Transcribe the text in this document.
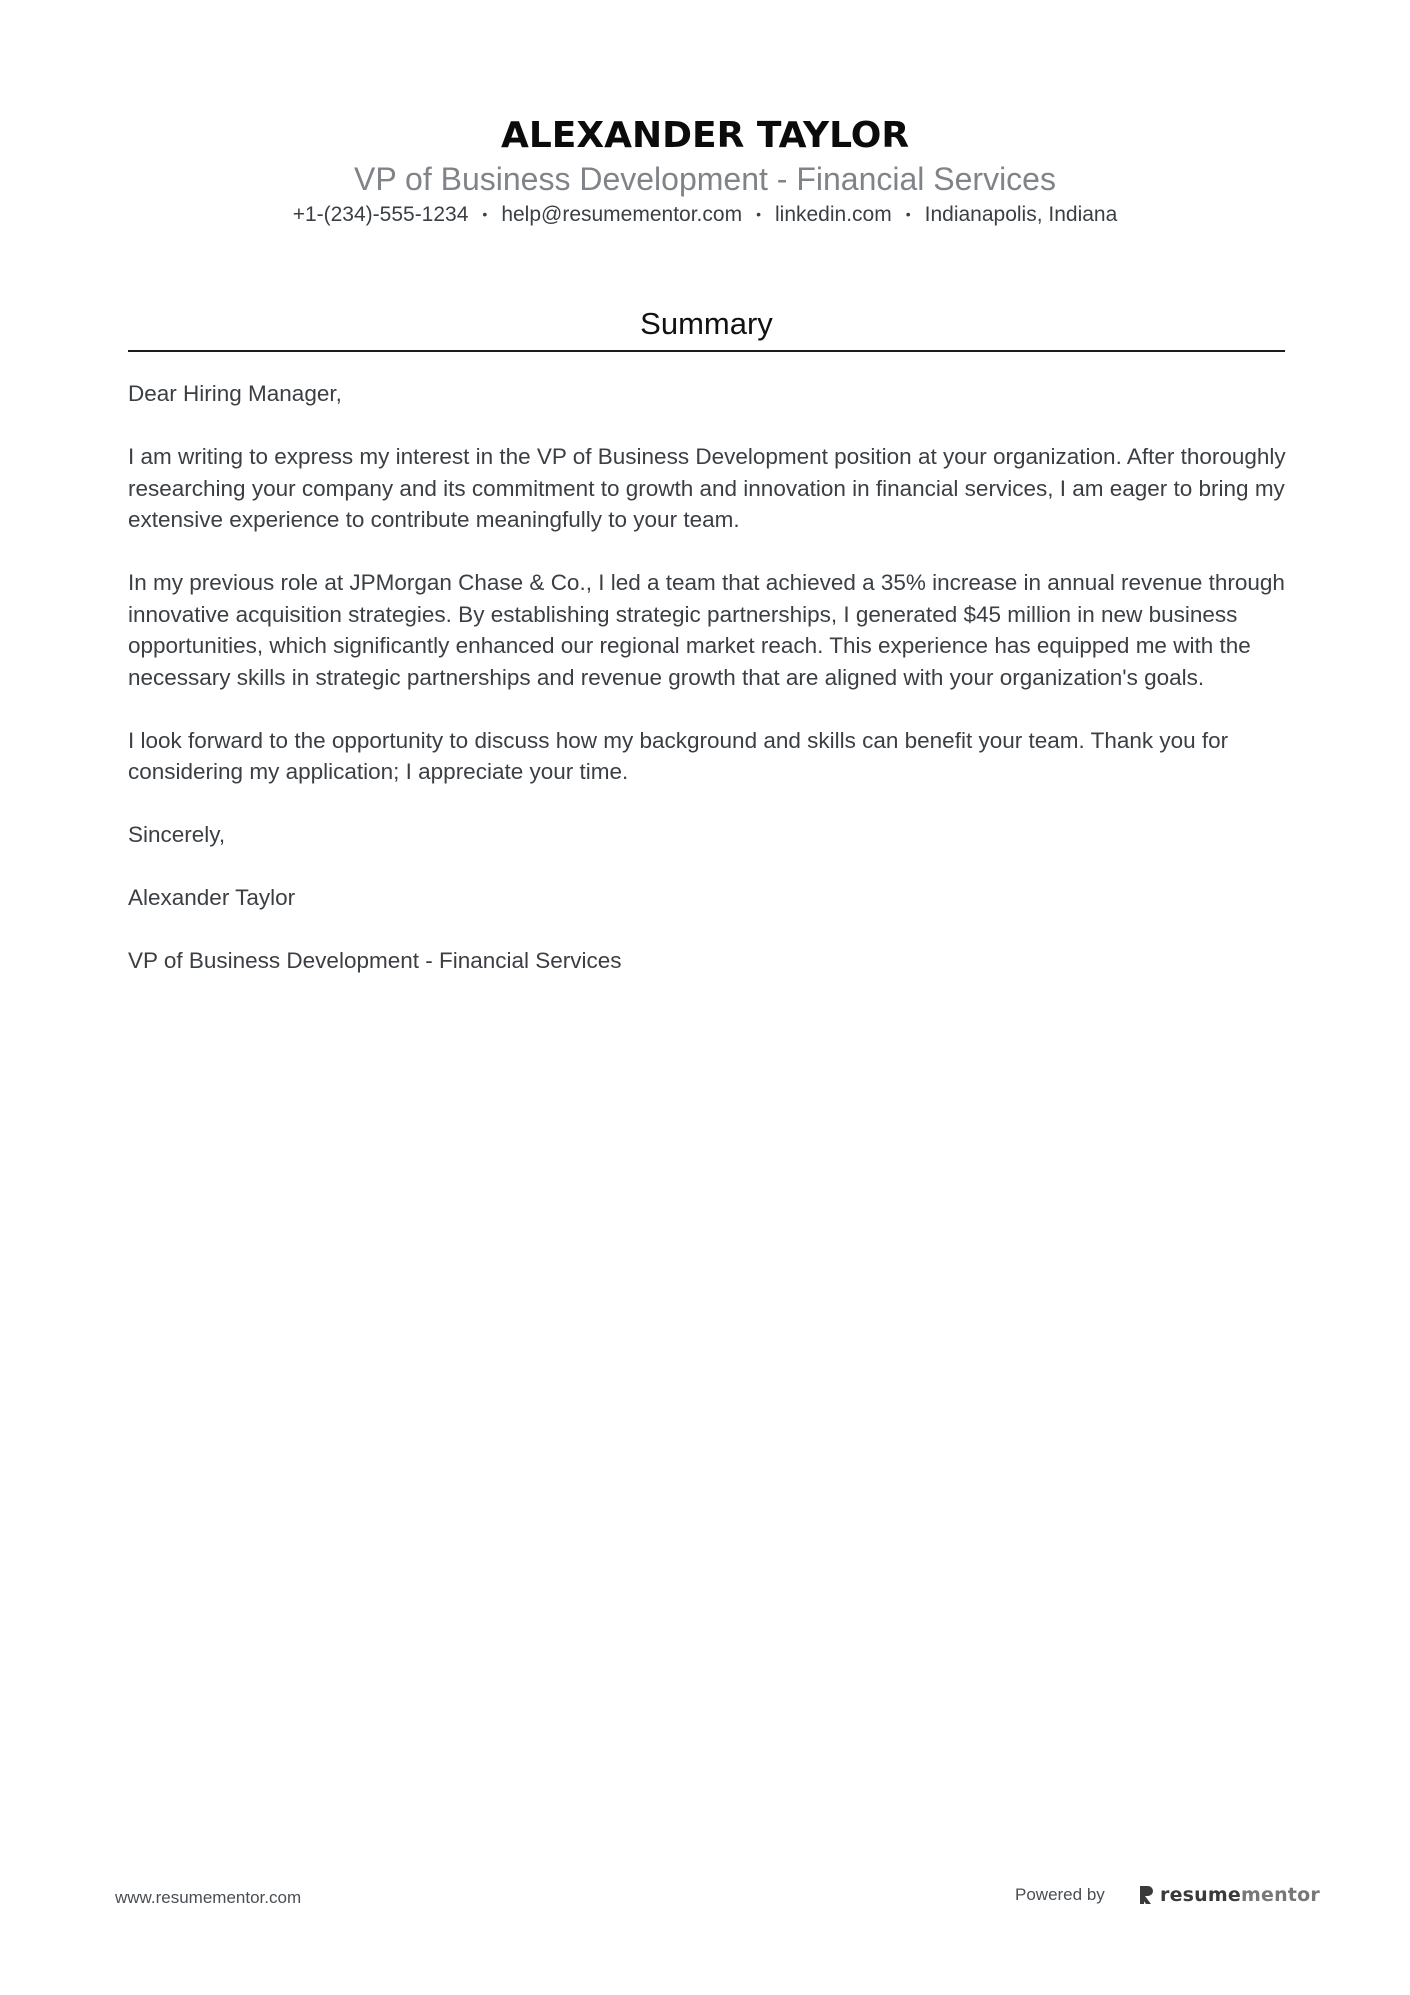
ALEXANDER TAYLOR
VP of Business Development - Financial Services
+1-(234)-555-1234 • help@resumementor.com • linkedin.com • Indianapolis, Indiana
Summary

Dear Hiring Manager,

I am writing to express my interest in the VP of Business Development position at your organization. After thoroughly researching your company and its commitment to growth and innovation in financial services, I am eager to bring my extensive experience to contribute meaningfully to your team.

In my previous role at JPMorgan Chase & Co., I led a team that achieved a 35% increase in annual revenue through innovative acquisition strategies. By establishing strategic partnerships, I generated $45 million in new business opportunities, which significantly enhanced our regional market reach. This experience has equipped me with the necessary skills in strategic partnerships and revenue growth that are aligned with your organization's goals.

I look forward to the opportunity to discuss how my background and skills can benefit your team. Thank you for considering my application; I appreciate your time.

Sincerely,

Alexander Taylor

VP of Business Development - Financial Services

www.resumementor.com	Powered by	resumementor
